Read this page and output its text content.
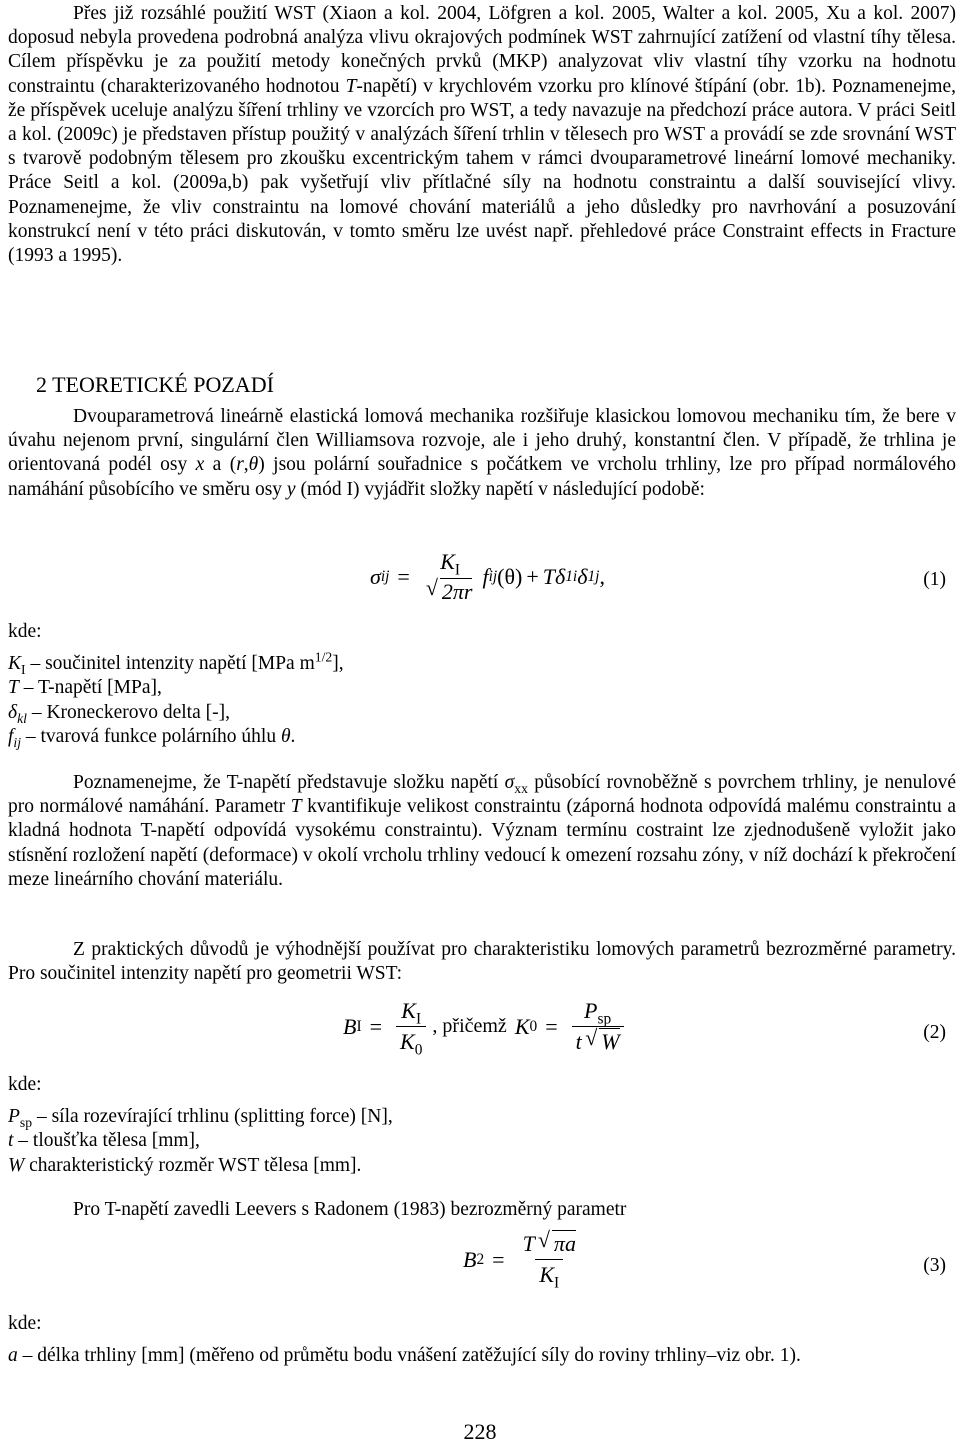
Přes již rozsáhlé použití WST (Xiaon a kol. 2004, Löfgren a kol. 2005, Walter a kol. 2005, Xu a kol. 2007) doposud nebyla provedena podrobná analýza vlivu okrajových podmínek WST zahrnující zatížení od vlastní tíhy tělesa. Cílem příspěvku je za použití metody konečných prvků (MKP) analyzovat vliv vlastní tíhy vzorku na hodnotu constraintu (charakterizovaného hodnotou T-napětí) v krychlovém vzorku pro klínové štípání (obr. 1b). Poznamenejme, že příspěvek uceluje analýzu šíření trhliny ve vzorcích pro WST, a tedy navazuje na předchozí práce autora. V práci Seitl a kol. (2009c) je představen přístup použitý v analýzách šíření trhlin v tělesech pro WST a provádí se zde srovnání WST s tvarově podobným tělesem pro zkoušku excentrickým tahem v rámci dvouparametrové lineární lomové mechaniky. Práce Seitl a kol. (2009a,b) pak vyšetřují vliv přítlačné síly na hodnotu constraintu a další související vlivy. Poznamenejme, že vliv constraintu na lomové chování materiálů a jeho důsledky pro navrhování a posuzování konstrukcí není v této práci diskutován, v tomto směru lze uvést např. přehledové práce Constraint effects in Fracture (1993 a 1995).

2 TEORETICKÉ POZADÍ

Dvouparametrová lineárně elastická lomová mechanika rozšiřuje klasickou lomovou mechaniku tím, že bere v úvahu nejenom první, singulární člen Williamsova rozvoje, ale i jeho druhý, konstantní člen. V případě, že trhlina je orientovaná podél osy x a (r,θ) jsou polární souřadnice s počátkem ve vrcholu trhliny, lze pro případ normálového namáhání působícího ve směru osy y (mód I) vyjádřit složky napětí v následující podobě:

σ ij =
$K_I$
√ 2πr
f ij (θ) + T δ 1i δ 1j ,	(1)

kde:

$K_I$ – součinitel intenzity napětí [MPa $m^{1/2}$],

T – T-napětí [MPa],

$\delta_{kl}$ – Kroneckerovo delta [-],

$f_{ij}$ – tvarová funkce polárního úhlu θ.

Poznamenejme, že T-napětí představuje složku napětí $\sigma_{xx}$ působící rovnoběžně s povrchem trhliny, je nenulové pro normálové namáhání. Parametr T kvantifikuje velikost constraintu (záporná hodnota odpovídá malému constraintu a kladná hodnota T-napětí odpovídá vysokému constraintu). Význam termínu costraint lze zjednodušeně vyložit jako stísnění rozložení napětí (deformace) v okolí vrcholu trhliny vedoucí k omezení rozsahu zóny, v níž dochází k překročení meze lineárního chování materiálu.

Z praktických důvodů je výhodnější používat pro charakteristiku lomových parametrů bezrozměrné parametry. Pro součinitel intenzity napětí pro geometrii WST:

B $I = \frac{K_I}{K_0}$ , přičemž K $0 = \frac{P_{sp}}{t √ W}$	(2)

kde:

$P_{sp}$ – síla rozevírající trhlinu (splitting force) [N],

t – tloušťka tělesa [mm],

W charakteristický rozměr WST tělesa [mm].

Pro T-napětí zavedli Leevers s Radonem (1983) bezrozměrný parametr

B $2 = \frac{T √ \pi a}{K_I}$	(3)

kde:

a – délka trhliny [mm] (měřeno od průmětu bodu vnášení zatěžující síly do roviny trhliny–viz obr. 1).

228
